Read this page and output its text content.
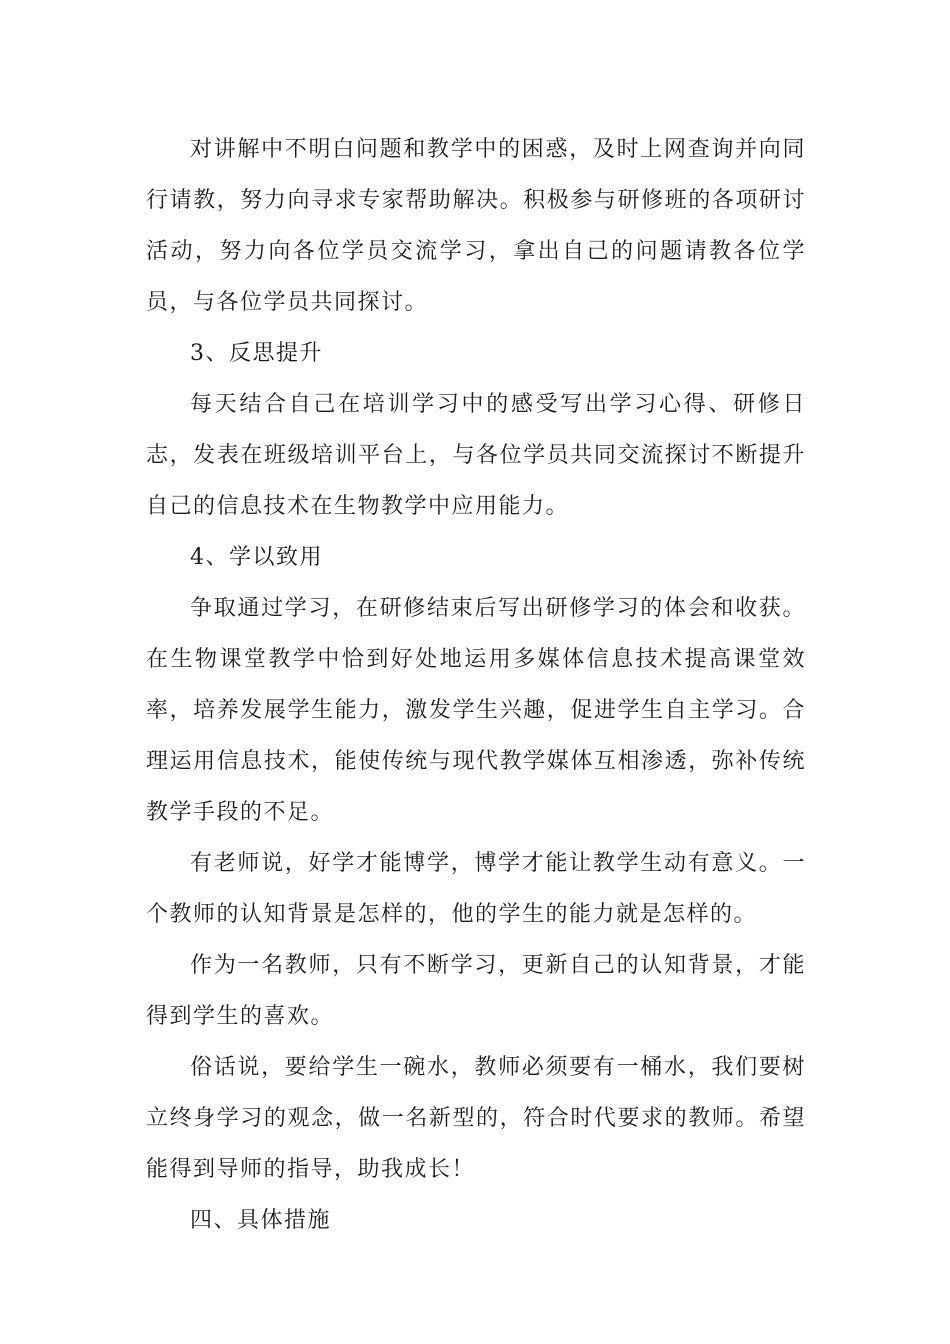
对讲解中不明白问题和教学中的困惑，及时上网查询并向同行请教，努力向寻求专家帮助解决。积极参与研修班的各项研讨活动，努力向各位学员交流学习，拿出自己的问题请教各位学员，与各位学员共同探讨。

3、反思提升

每天结合自己在培训学习中的感受写出学习心得、研修日志，发表在班级培训平台上，与各位学员共同交流探讨不断提升自己的信息技术在生物教学中应用能力。

4、学以致用

争取通过学习，在研修结束后写出研修学习的体会和收获。在生物课堂教学中恰到好处地运用多媒体信息技术提高课堂效率，培养发展学生能力，激发学生兴趣，促进学生自主学习。合理运用信息技术，能使传统与现代教学媒体互相渗透，弥补传统教学手段的不足。

有老师说，好学才能博学，博学才能让教学生动有意义。一个教师的认知背景是怎样的，他的学生的能力就是怎样的。

作为一名教师，只有不断学习，更新自己的认知背景，才能得到学生的喜欢。

俗话说，要给学生一碗水，教师必须要有一桶水，我们要树立终身学习的观念，做一名新型的，符合时代要求的教师。希望能得到导师的指导，助我成长！

四、具体措施
